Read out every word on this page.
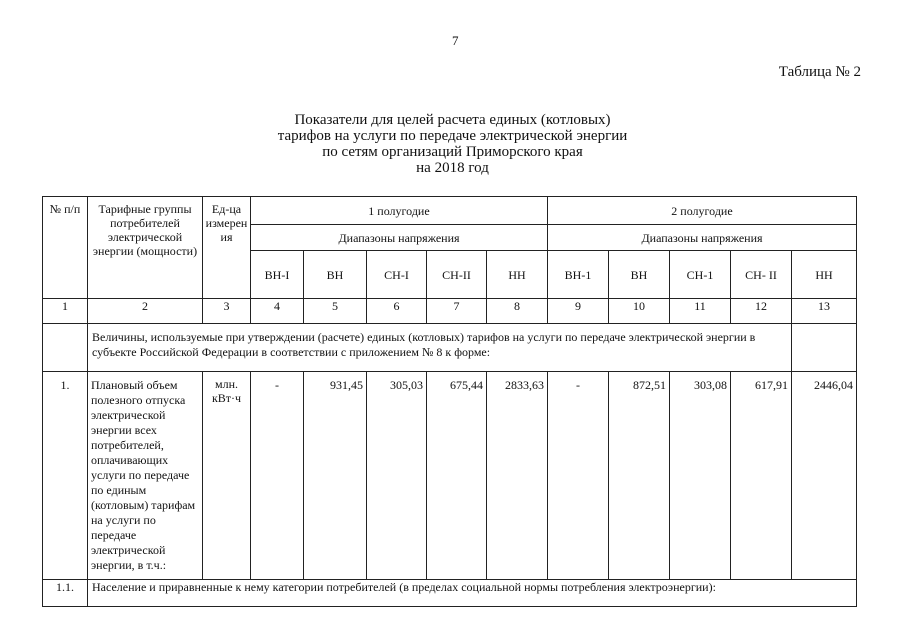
7
Таблица № 2
Показатели для целей расчета единых (котловых)
тарифов на услуги по передаче электрической энергии
по сетям организаций Приморского края
на 2018 год
№ п/п	Тарифные группы потребителей электрической энергии (мощности)	Ед-ца измерен ия	1 полугодие					2 полугодие				
			Диапазоны напряжения					Диапазоны напряжения				
			ВН-I	ВН	СН-I	СН-II	НН	ВН-1	ВН	СН-1	СН- II	НН
1	2	3	4	5	6	7	8	9	10	11	12	13
	Величины, используемые при утверждении (расчете) единых (котловых) тарифов на услуги по передаче электрической энергии в субъекте Российской Федерации в соответствии с приложением № 8 к форме:											
1.	Плановый объем полезного отпуска электрической энергии всех потребителей, оплачивающих услуги по передаче по единым (котловым) тарифам на услуги по передаче электрической энергии, в т.ч.:	млн. кВт·ч	-	931,45	305,03	675,44	2833,63	-	872,51	303,08	617,91	2446,04
1.1.	Население и приравненные к нему категории потребителей (в пределах социальной нормы потребления электроэнергии):											
